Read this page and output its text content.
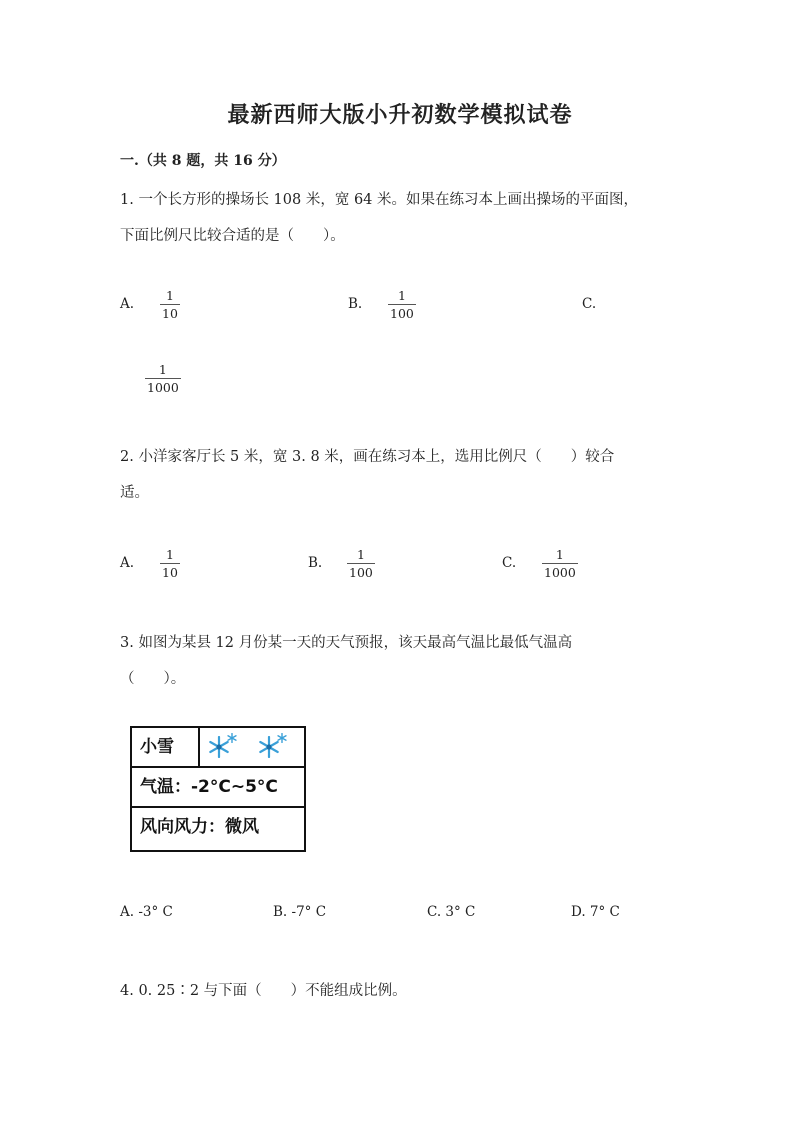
最新西师大版小升初数学模拟试卷
一.（共 8 题，共 16 分）
1. 一个长方形的操场长 108 米，宽 64 米。如果在练习本上画出操场的平面图，
下面比例尺比较合适的是（　　）。
A.
1
10
B.
1
100
C.
1
1000
2. 小洋家客厅长 5 米，宽 3. 8 米，画在练习本上，选用比例尺（　　）较合
适。
A.
1
10
B.
1
100
C.
1
1000
3. 如图为某县 12 月份某一天的天气预报，该天最高气温比最低气温高
（　　）。
小雪
气温：-2°C~5°C
风向风力：微风
A. -3° C	B. -7° C	C. 3° C	D. 7° C
4. 0. 25∶2 与下面（　　）不能组成比例。
